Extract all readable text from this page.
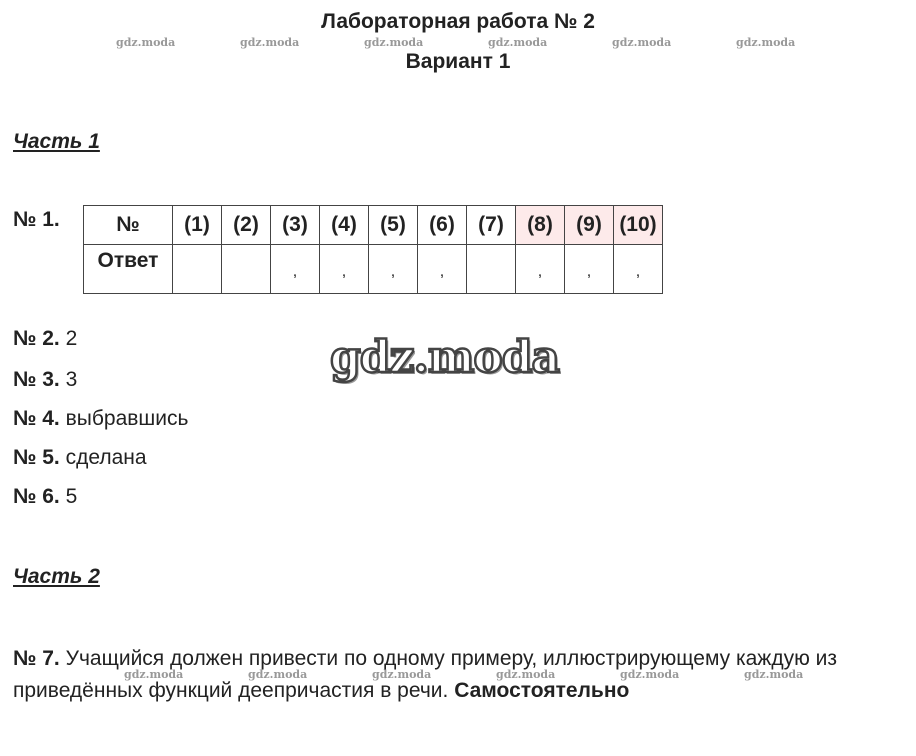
Лабораторная работа № 2
Вариант 1
gdz.moda	gdz.moda	gdz.moda	gdz.moda	gdz.moda	gdz.moda
Часть 1
№ 1.	№	(1)	(2)	(3)	(4)	(5)	(6)	(7)	(8)	(9)	(10)
Ответ			,	,	,	,		,	,	,
gdz.moda
№ 2. 2
№ 3. 3
№ 4. выбравшись
№ 5. сделана
№ 6. 5
Часть 2
gdz.moda	gdz.moda	gdz.moda	gdz.moda	gdz.moda	gdz.moda
№ 7. Учащийся должен привести по одному примеру, иллюстрирующему каждую из приведённых функций деепричастия в речи. Самостоятельно
